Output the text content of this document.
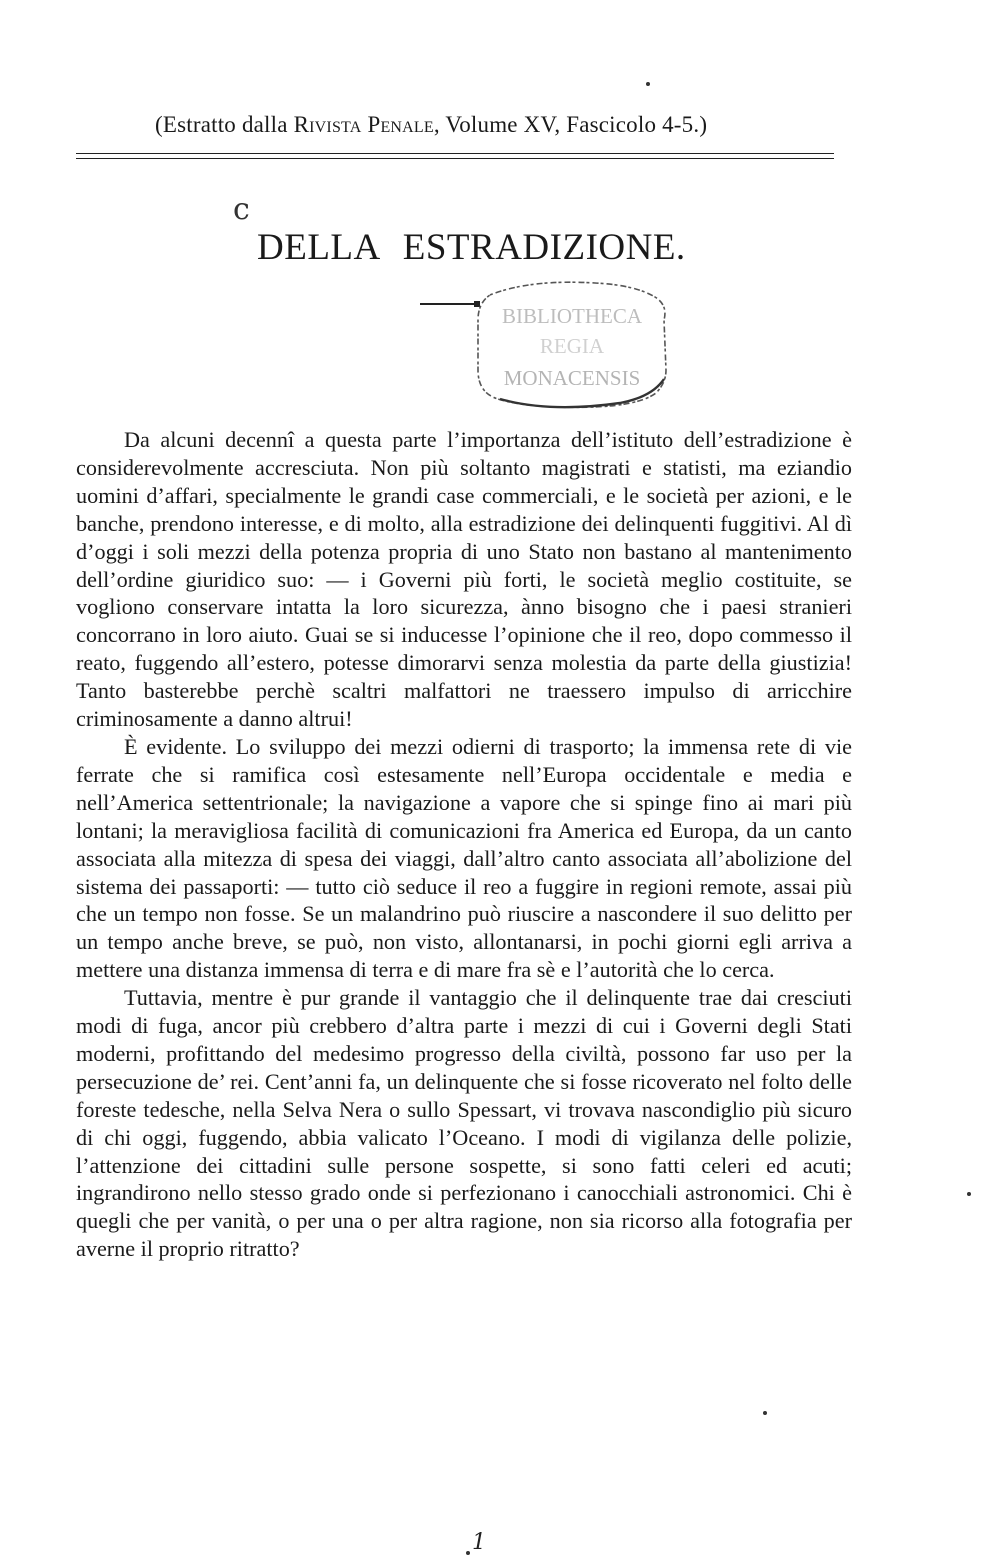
(Estratto dalla Rivista Penale, Volume XV, Fascicolo 4-5.)
c
DELLA ESTRADIZIONE.
BIBLIOTHECA
REGIA
MONACENSIS

Da alcuni decennî a questa parte l’importanza dell’istituto dell’estradizione è considerevolmente accresciuta. Non più soltanto magistrati e statisti, ma eziandio uomini d’affari, specialmente le grandi case commerciali, e le società per azioni, e le banche, prendono interesse, e di molto, alla estradizione dei delinquenti fuggitivi. Al dì d’oggi i soli mezzi della potenza propria di uno Stato non bastano al mantenimento dell’ordine giuridico suo: — i Governi più forti, le società meglio costituite, se vogliono conservare intatta la loro sicurezza, ànno bisogno che i paesi stranieri concorrano in loro aiuto. Guai se si inducesse l’opinione che il reo, dopo commesso il reato, fuggendo all’estero, potesse dimorarvi senza molestia da parte della giustizia! Tanto basterebbe perchè scaltri malfattori ne traessero impulso di arricchire criminosamente a danno altrui!

È evidente. Lo sviluppo dei mezzi odierni di trasporto; la immensa rete di vie ferrate che si ramifica così estesamente nell’Europa occidentale e media e nell’America settentrionale; la navigazione a vapore che si spinge fino ai mari più lontani; la meravigliosa facilità di comunicazioni fra America ed Europa, da un canto associata alla mitezza di spesa dei viaggi, dall’altro canto associata all’abolizione del sistema dei passaporti: — tutto ciò seduce il reo a fuggire in regioni remote, assai più che un tempo non fosse. Se un malandrino può riuscire a nascondere il suo delitto per un tempo anche breve, se può, non visto, allontanarsi, in pochi giorni egli arriva a mettere una distanza immensa di terra e di mare fra sè e l’autorità che lo cerca.

Tuttavia, mentre è pur grande il vantaggio che il delinquente trae dai cresciuti modi di fuga, ancor più crebbero d’altra parte i mezzi di cui i Governi degli Stati moderni, profittando del medesimo progresso della civiltà, possono far uso per la persecuzione de’ rei. Cent’anni fa, un delinquente che si fosse ricoverato nel folto delle foreste tedesche, nella Selva Nera o sullo Spessart, vi trovava nascondiglio più sicuro di chi oggi, fuggendo, abbia valicato l’Oceano. I modi di vigilanza delle polizie, l’attenzione dei cittadini sulle persone sospette, si sono fatti celeri ed acuti; ingrandirono nello stesso grado onde si perfezionano i canocchiali astronomici. Chi è quegli che per vanità, o per una o per altra ragione, non sia ricorso alla fotografia per averne il proprio ritratto?

1
